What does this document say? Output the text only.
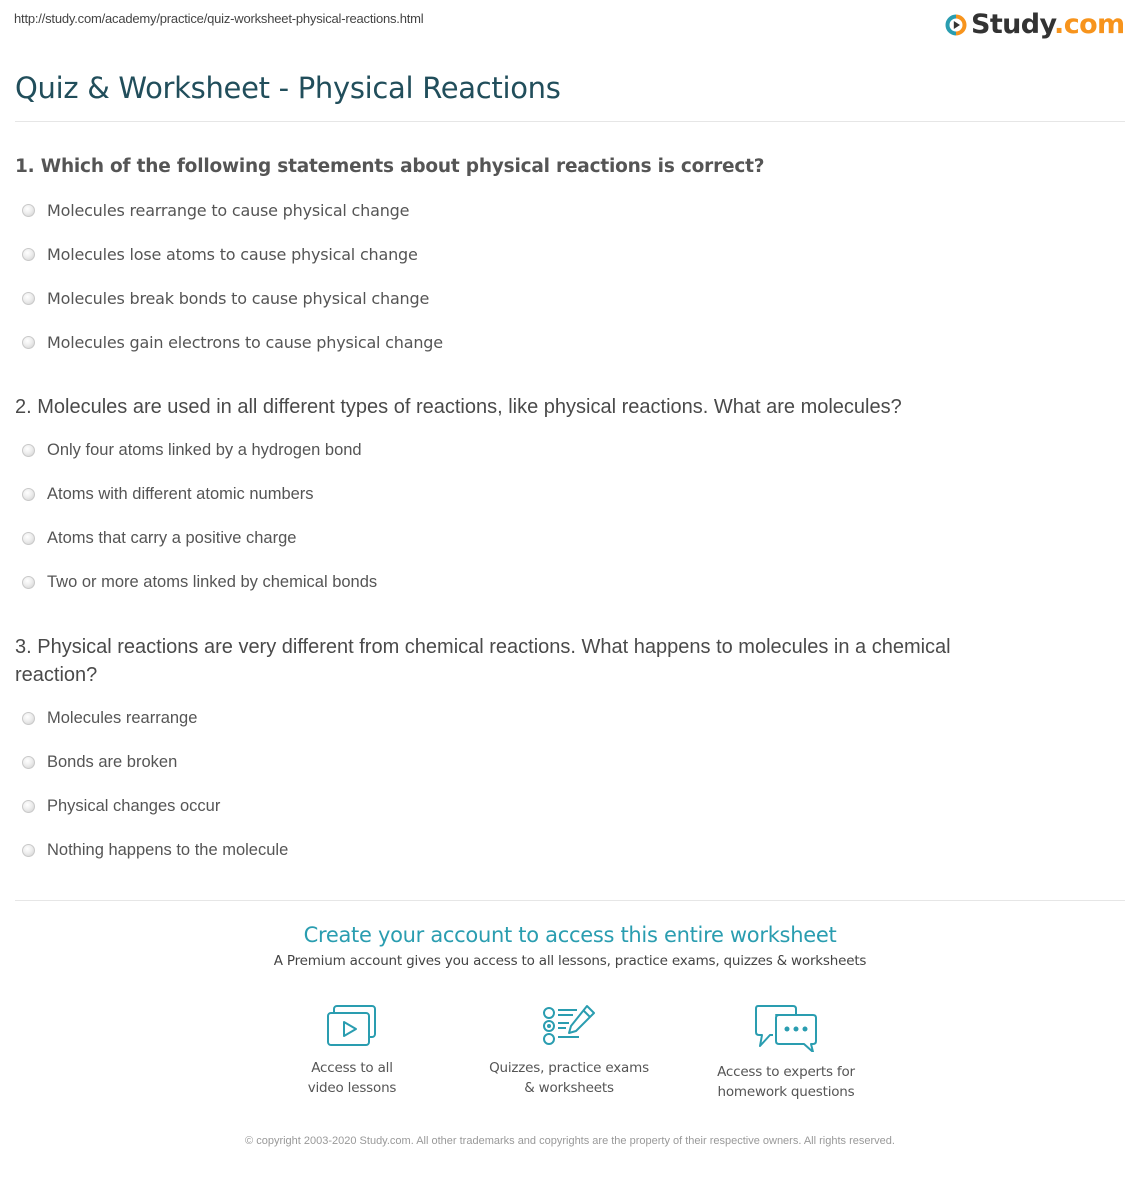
http://study.com/academy/practice/quiz-worksheet-physical-reactions.html	Study.com
Quiz & Worksheet - Physical Reactions
1. Which of the following statements about physical reactions is correct?
Molecules rearrange to cause physical change
Molecules lose atoms to cause physical change
Molecules break bonds to cause physical change
Molecules gain electrons to cause physical change
2. Molecules are used in all different types of reactions, like physical reactions. What are molecules?
Only four atoms linked by a hydrogen bond
Atoms with different atomic numbers
Atoms that carry a positive charge
Two or more atoms linked by chemical bonds
3. Physical reactions are very different from chemical reactions. What happens to molecules in a chemical
reaction?
Molecules rearrange
Bonds are broken
Physical changes occur
Nothing happens to the molecule
Create your account to access this entire worksheet
A Premium account gives you access to all lessons, practice exams, quizzes & worksheets
Access to all
video lessons
Quizzes, practice exams
& worksheets
Access to experts for
homework questions
© copyright 2003-2020 Study.com. All other trademarks and copyrights are the property of their respective owners. All rights reserved.
